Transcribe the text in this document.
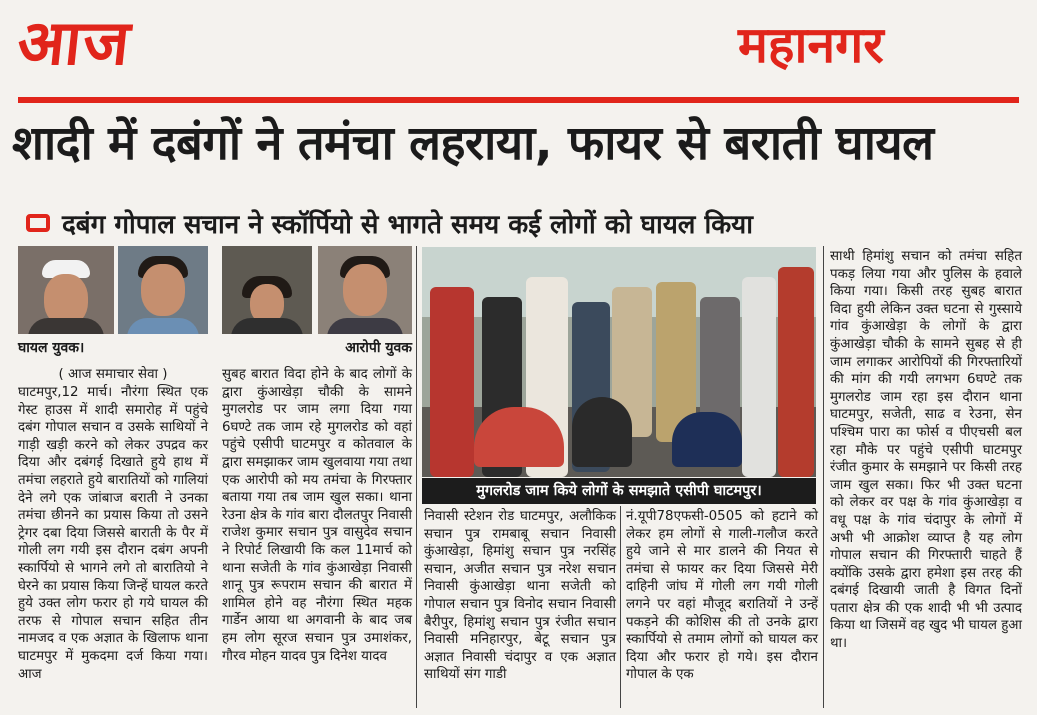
आज	महानगर
शादी में दबंगों ने तमंचा लहराया, फायर से बराती घायल
दबंग गोपाल सचान ने स्कॉर्पियो से भागते समय कई लोगों को घायल किया
घायल युवक।	आरोपी युवक
मुगलरोड जाम किये लोगों के समझाते एसीपी घाटमपुर।

( आज समाचार सेवा )

घाटमपुर,12 मार्च। नौरंगा स्थित एक गेस्ट हाउस में शादी समारोह में पहुंचे दबंग गोपाल सचान व उसके साथियों ने गाड़ी खड़ी करने को लेकर उपद्रव कर दिया और दबंगई दिखाते हुये हाथ में तमंचा लहराते हुये बारातियों को गालियां देने लगे एक जांबाज बराती ने उनका तमंचा छीनने का प्रयास किया तो उसने ट्रेगर दबा दिया जिससे बाराती के पैर में गोली लग गयी इस दौरान दबंग अपनी स्कार्पियो से भागने लगे तो बारातियो ने घेरने का प्रयास किया जिन्हें घायल करते हुये उक्त लोग फरार हो गये घायल की तरफ से गोपाल सचान सहित तीन नामजद व एक अज्ञात के खिलाफ थाना घाटमपुर में मुकदमा दर्ज किया गया। आज

सुबह बारात विदा होने के बाद लोगों के द्वारा कुंआखेड़ा चौकी के सामने मुगलरोड पर जाम लगा दिया गया 6घण्टे तक जाम रहे मुगलरोड को वहां पहुंचे एसीपी घाटमपुर व कोतवाल के द्वारा समझाकर जाम खुलवाया गया तथा एक आरोपी को मय तमंचा के गिरफ्तार बताया गया तब जाम खुल सका। थाना रेउना क्षेत्र के गांव बारा दौलतपुर निवासी राजेश कुमार सचान पुत्र वासुदेव सचान ने रिपोर्ट लिखायी कि कल 11मार्च को थाना सजेती के गांव कुंआखेड़ा निवासी शानू पुत्र रूपराम सचान की बारात में शामिल होने वह नौरंगा स्थित महक गार्डेन आया था अगवानी के बाद जब हम लोग सूरज सचान पुत्र उमाशंकर, गौरव मोहन यादव पुत्र दिनेश यादव

निवासी स्टेशन रोड घाटमपुर, अलौकिक सचान पुत्र रामबाबू सचान निवासी कुंआखेड़ा, हिमांशु सचान पुत्र नरसिंह सचान, अजीत सचान पुत्र नरेश सचान निवासी कुंआखेड़ा थाना सजेती को गोपाल सचान पुत्र विनोद सचान निवासी बैरीपुर, हिमांशु सचान पुत्र रंजीत सचान निवासी मनिहारपुर, बेटू सचान पुत्र अज्ञात निवासी चंदापुर व एक अज्ञात साथियों संग गाडी

नं.यूपी78एफसी-0505 को हटाने को लेकर हम लोगों से गाली-गलौज करते हुये जाने से मार डालने की नियत से तमंचा से फायर कर दिया जिससे मेरी दाहिनी जांघ में गोली लग गयी गोली लगने पर वहां मौजूद बरातियों ने उन्हें पकड़ने की कोशिस की तो उनके द्वारा स्कार्पियो से तमाम लोगों को घायल कर दिया और फरार हो गये। इस दौरान गोपाल के एक

साथी हिमांशु सचान को तमंचा सहित पकड़ लिया गया और पुलिस के हवाले किया गया। किसी तरह सुबह बारात विदा हुयी लेकिन उक्त घटना से गुस्साये गांव कुंआखेड़ा के लोगों के द्वारा कुंआखेड़ा चौकी के सामने सुबह से ही जाम लगाकर आरोपियों की गिरफ्तारियों की मांग की गयी लगभग 6घण्टे तक मुगलरोड जाम रहा इस दौरान थाना घाटमपुर, सजेती, साढ व रेउना, सेन पश्चिम पारा का फोर्स व पीएचसी बल रहा मौके पर पहुंचे एसीपी घाटमपुर रंजीत कुमार के समझाने पर किसी तरह जाम खुल सका। फिर भी उक्त घटना को लेकर वर पक्ष के गांव कुंआखेड़ा व वधू पक्ष के गांव चंदापुर के लोगों में अभी भी आक्रोश व्याप्त है यह लोग गोपाल सचान की गिरफ्तारी चाहते हैं क्योंकि उसके द्वारा हमेशा इस तरह की दबंगई दिखायी जाती है विगत दिनों पतारा क्षेत्र की एक शादी भी भी उत्पाद किया था जिसमें वह खुद भी घायल हुआ था।
